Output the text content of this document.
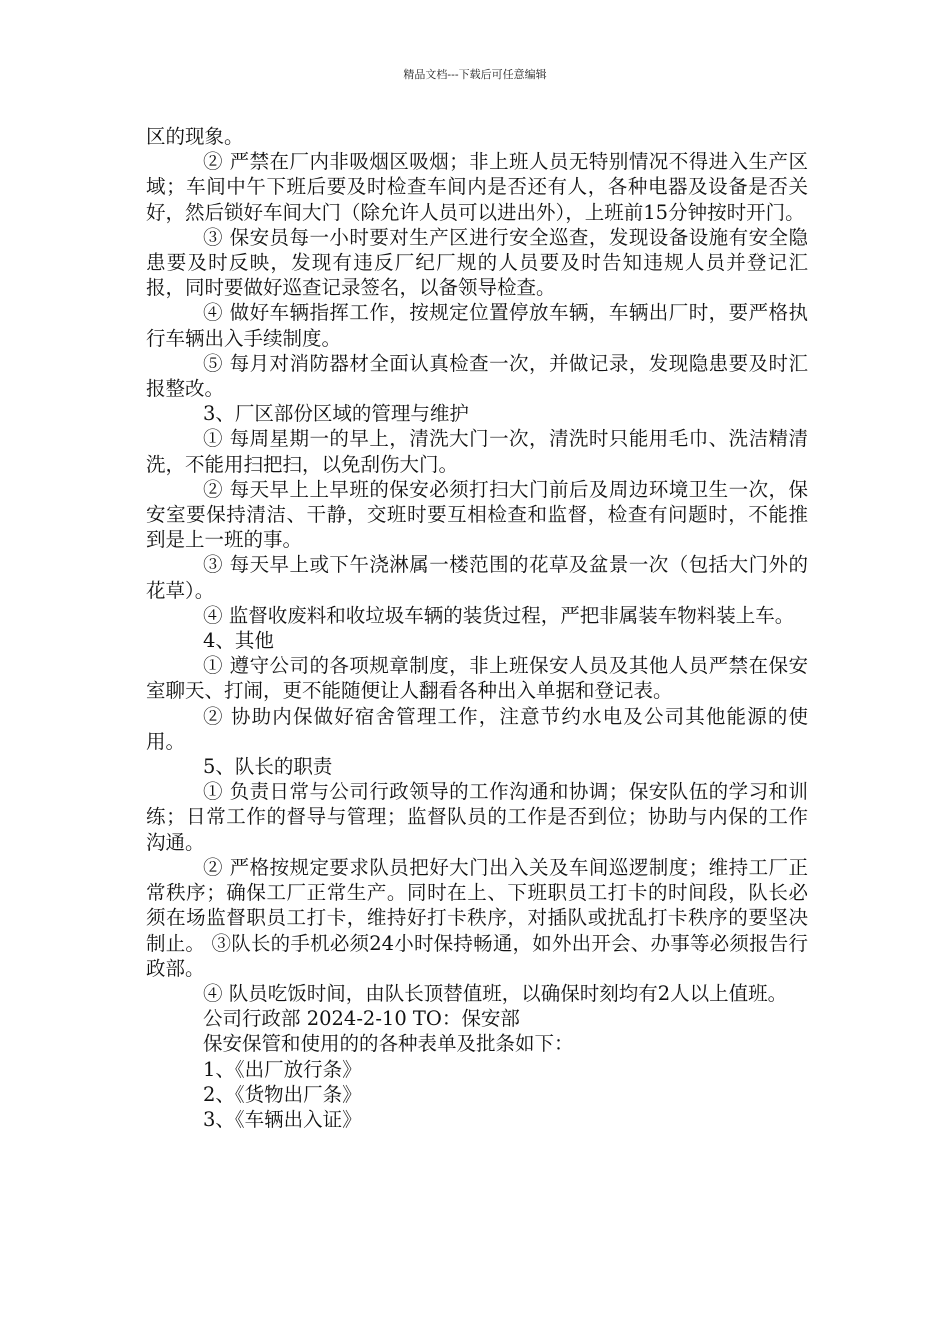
精品文档---下载后可任意编辑

区的现象。

② 严禁在厂内非吸烟区吸烟；非上班人员无特别情况不得进入生产区域；车间中午下班后要及时检查车间内是否还有人，各种电器及设备是否关好，然后锁好车间大门（除允许人员可以进出外），上班前15分钟按时开门。

③ 保安员每一小时要对生产区进行安全巡查，发现设备设施有安全隐患要及时反映，发现有违反厂纪厂规的人员要及时告知违规人员并登记汇报，同时要做好巡查记录签名，以备领导检查。

④ 做好车辆指挥工作，按规定位置停放车辆，车辆出厂时，要严格执行车辆出入手续制度。

⑤ 每月对消防器材全面认真检查一次，并做记录，发现隐患要及时汇报整改。

3、厂区部份区域的管理与维护

① 每周星期一的早上，清洗大门一次，清洗时只能用毛巾、洗洁精清洗，不能用扫把扫，以免刮伤大门。

② 每天早上上早班的保安必须打扫大门前后及周边环境卫生一次，保安室要保持清洁、干静，交班时要互相检查和监督，检查有问题时，不能推到是上一班的事。

③ 每天早上或下午浇淋属一楼范围的花草及盆景一次（包括大门外的花草）。

④ 监督收废料和收垃圾车辆的装货过程，严把非属装车物料装上车。

4、其他

① 遵守公司的各项规章制度，非上班保安人员及其他人员严禁在保安室聊天、打闹，更不能随便让人翻看各种出入单据和登记表。

② 协助内保做好宿舍管理工作，注意节约水电及公司其他能源的使用。

5、队长的职责

① 负责日常与公司行政领导的工作沟通和协调；保安队伍的学习和训练；日常工作的督导与管理；监督队员的工作是否到位；协助与内保的工作沟通。

② 严格按规定要求队员把好大门出入关及车间巡逻制度；维持工厂正常秩序；确保工厂正常生产。同时在上、下班职员工打卡的时间段，队长必须在场监督职员工打卡，维持好打卡秩序，对插队或扰乱打卡秩序的要坚决制止。 ③队长的手机必须24小时保持畅通，如外出开会、办事等必须报告行政部。

④ 队员吃饭时间，由队长顶替值班，以确保时刻均有2人以上值班。

公司行政部 2024-2-10 TO：保安部

保安保管和使用的的各种表单及批条如下：

1、《出厂放行条》

2、《货物出厂条》

3、《车辆出入证》
